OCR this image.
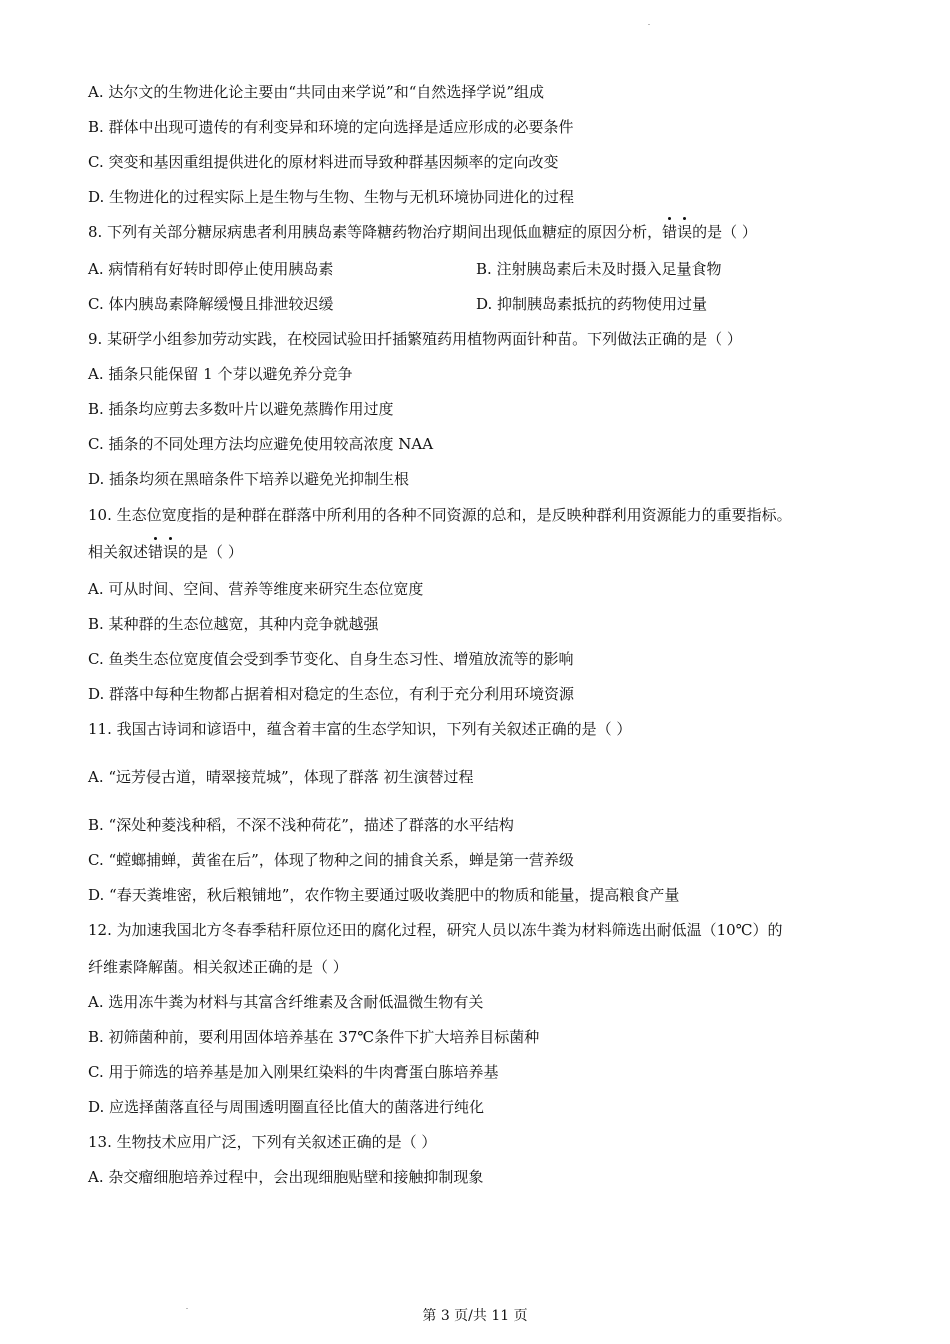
A. 达尔文的生物进化论主要由“共同由来学说”和“自然选择学说”组成
B. 群体中出现可遗传的有利变异和环境的定向选择是适应形成的必要条件
C. 突变和基因重组提供进化的原材料进而导致种群基因频率的定向改变
D. 生物进化的过程实际上是生物与生物、生物与无机环境协同进化的过程
8. 下列有关部分糖尿病患者利用胰岛素等降糖药物治疗期间出现低血糖症的原因分析，错误的是（ ）
A. 病情稍有好转时即停止使用胰岛素	B. 注射胰岛素后未及时摄入足量食物
C. 体内胰岛素降解缓慢且排泄较迟缓	D. 抑制胰岛素抵抗的药物使用过量
9. 某研学小组参加劳动实践，在校园试验田扦插繁殖药用植物两面针种苗。下列做法正确的是（ ）
A. 插条只能保留 1 个芽以避免养分竞争
B. 插条均应剪去多数叶片以避免蒸腾作用过度
C. 插条的不同处理方法均应避免使用较高浓度 NAA
D. 插条均须在黑暗条件下培养以避免光抑制生根
10. 生态位宽度指的是种群在群落中所利用的各种不同资源的总和，是反映种群利用资源能力的重要指标。
相关叙述错误的是（ ）
A. 可从时间、空间、营养等维度来研究生态位宽度
B. 某种群的生态位越宽，其种内竞争就越强
C. 鱼类生态位宽度值会受到季节变化、自身生态习性、增殖放流等的影响
D. 群落中每种生物都占据着相对稳定的生态位，有利于充分利用环境资源
11. 我国古诗词和谚语中，蕴含着丰富的生态学知识，下列有关叙述正确的是（ ）
A. “远芳侵古道，晴翠接荒城”，体现了群落 初生演替过程
B. “深处种菱浅种稻，不深不浅种荷花”，描述了群落的水平结构
C. “螳螂捕蝉，黄雀在后”，体现了物种之间的捕食关系，蝉是第一营养级
D. “春天粪堆密，秋后粮铺地”，农作物主要通过吸收粪肥中的物质和能量，提高粮食产量
12. 为加速我国北方冬春季秸秆原位还田的腐化过程，研究人员以冻牛粪为材料筛选出耐低温（10℃）的
纤维素降解菌。相关叙述正确的是（ ）
A. 选用冻牛粪为材料与其富含纤维素及含耐低温微生物有关
B. 初筛菌种前，要利用固体培养基在 37℃条件下扩大培养目标菌种
C. 用于筛选的培养基是加入刚果红染料的牛肉膏蛋白胨培养基
D. 应选择菌落直径与周围透明圈直径比值大的菌落进行纯化
13. 生物技术应用广泛，下列有关叙述正确的是（ ）
A. 杂交瘤细胞培养过程中，会出现细胞贴壁和接触抑制现象
第 3 页/共 11 页
